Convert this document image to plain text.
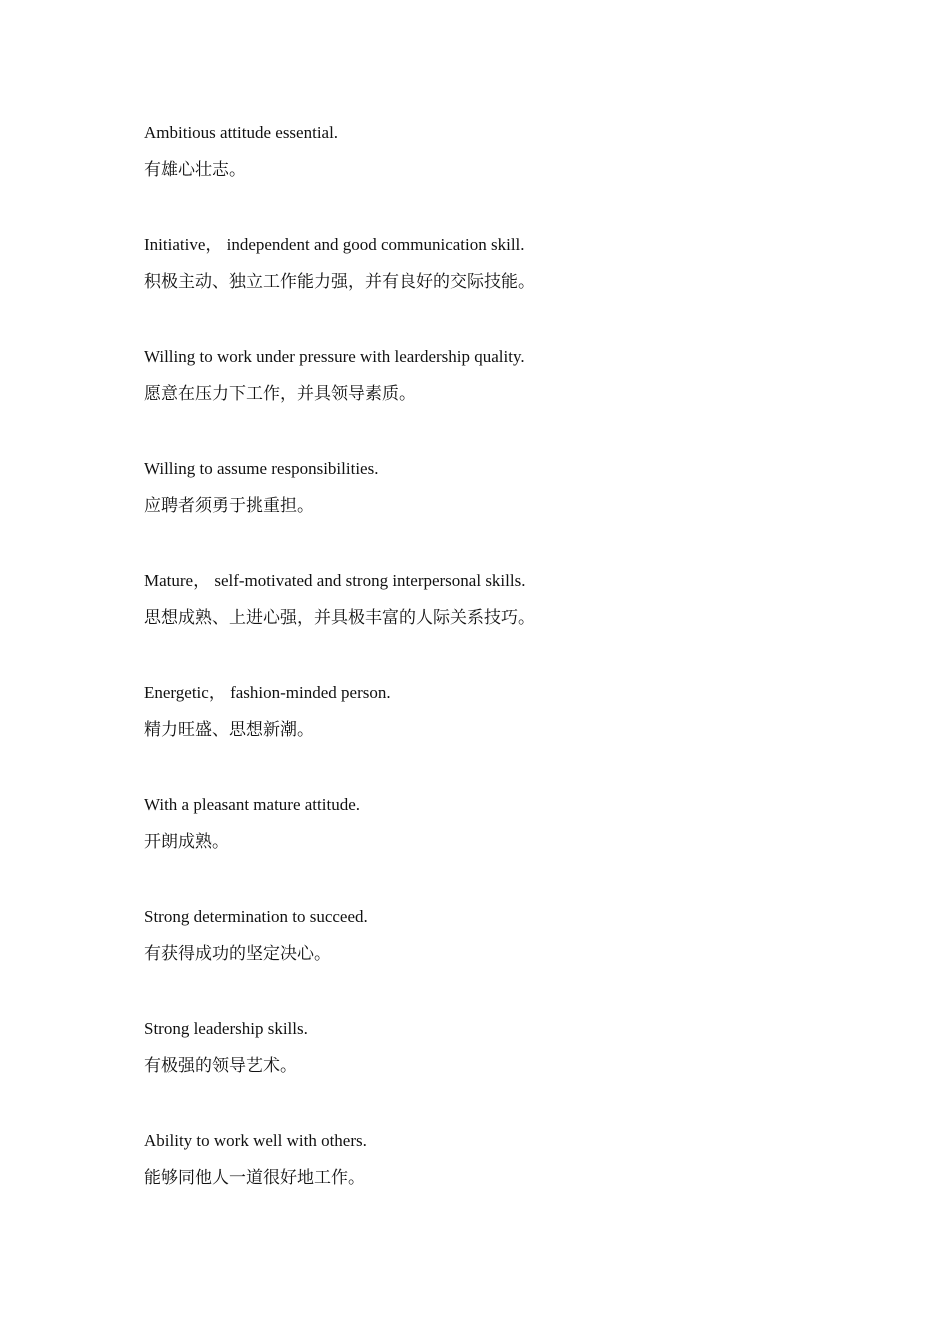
Ambitious attitude essential.

有雄心壮志。

Initiative， independent and good communication skill.

积极主动、独立工作能力强，并有良好的交际技能。

Willing to work under pressure with leardership quality.

愿意在压力下工作，并具领导素质。

Willing to assume responsibilities.

应聘者须勇于挑重担。

Mature， self-motivated and strong interpersonal skills.

思想成熟、上进心强，并具极丰富的人际关系技巧。

Energetic， fashion-minded person.

精力旺盛、思想新潮。

With a pleasant mature attitude.

开朗成熟。

Strong determination to succeed.

有获得成功的坚定决心。

Strong leadership skills.

有极强的领导艺术。

Ability to work well with others.

能够同他人一道很好地工作。
